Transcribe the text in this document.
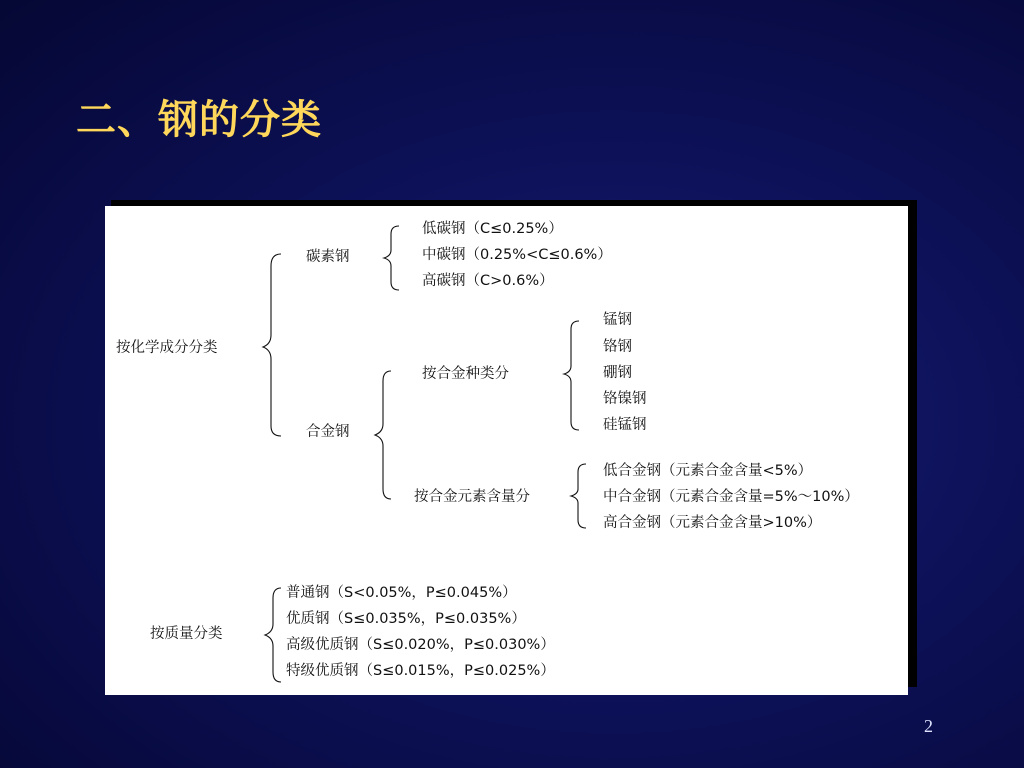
二、钢的分类
按化学成分分类
碳素钢
低碳钢（C≤0.25%）
中碳钢（0.25%<C≤0.6%）
高碳钢（C>0.6%）
合金钢
按合金种类分
锰钢
铬钢
硼钢
铬镍钢
硅锰钢
按合金元素含量分
低合金钢（元素合金含量<5%）
中合金钢（元素合金含量=5%～10%）
高合金钢（元素合金含量>10%）
按质量分类
普通钢（S<0.05%，P≤0.045%）
优质钢（S≤0.035%，P≤0.035%）
高级优质钢（S≤0.020%，P≤0.030%）
特级优质钢（S≤0.015%，P≤0.025%）
2
